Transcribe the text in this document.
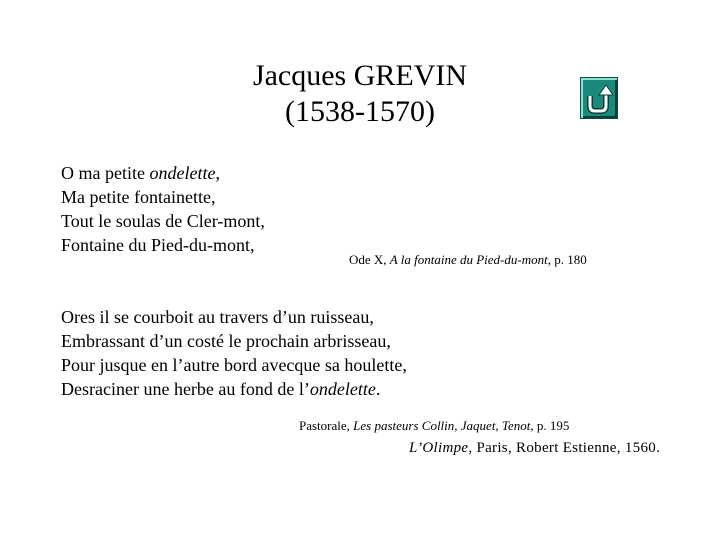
Jacques GREVIN
(1538-1570)
O ma petite ondelette,
Ma petite fontainette,
Tout le soulas de Cler-mont,
Fontaine du Pied-du-mont,
Ode X, A la fontaine du Pied-du-mont, p. 180
Ores il se courboit au travers d’un ruisseau,
Embrassant d’un costé le prochain arbrisseau,
Pour jusque en l’autre bord avecque sa houlette,
Desraciner une herbe au fond de l’ondelette.
Pastorale, Les pasteurs Collin, Jaquet, Tenot, p. 195
L’Olimpe, Paris, Robert Estienne, 1560.
